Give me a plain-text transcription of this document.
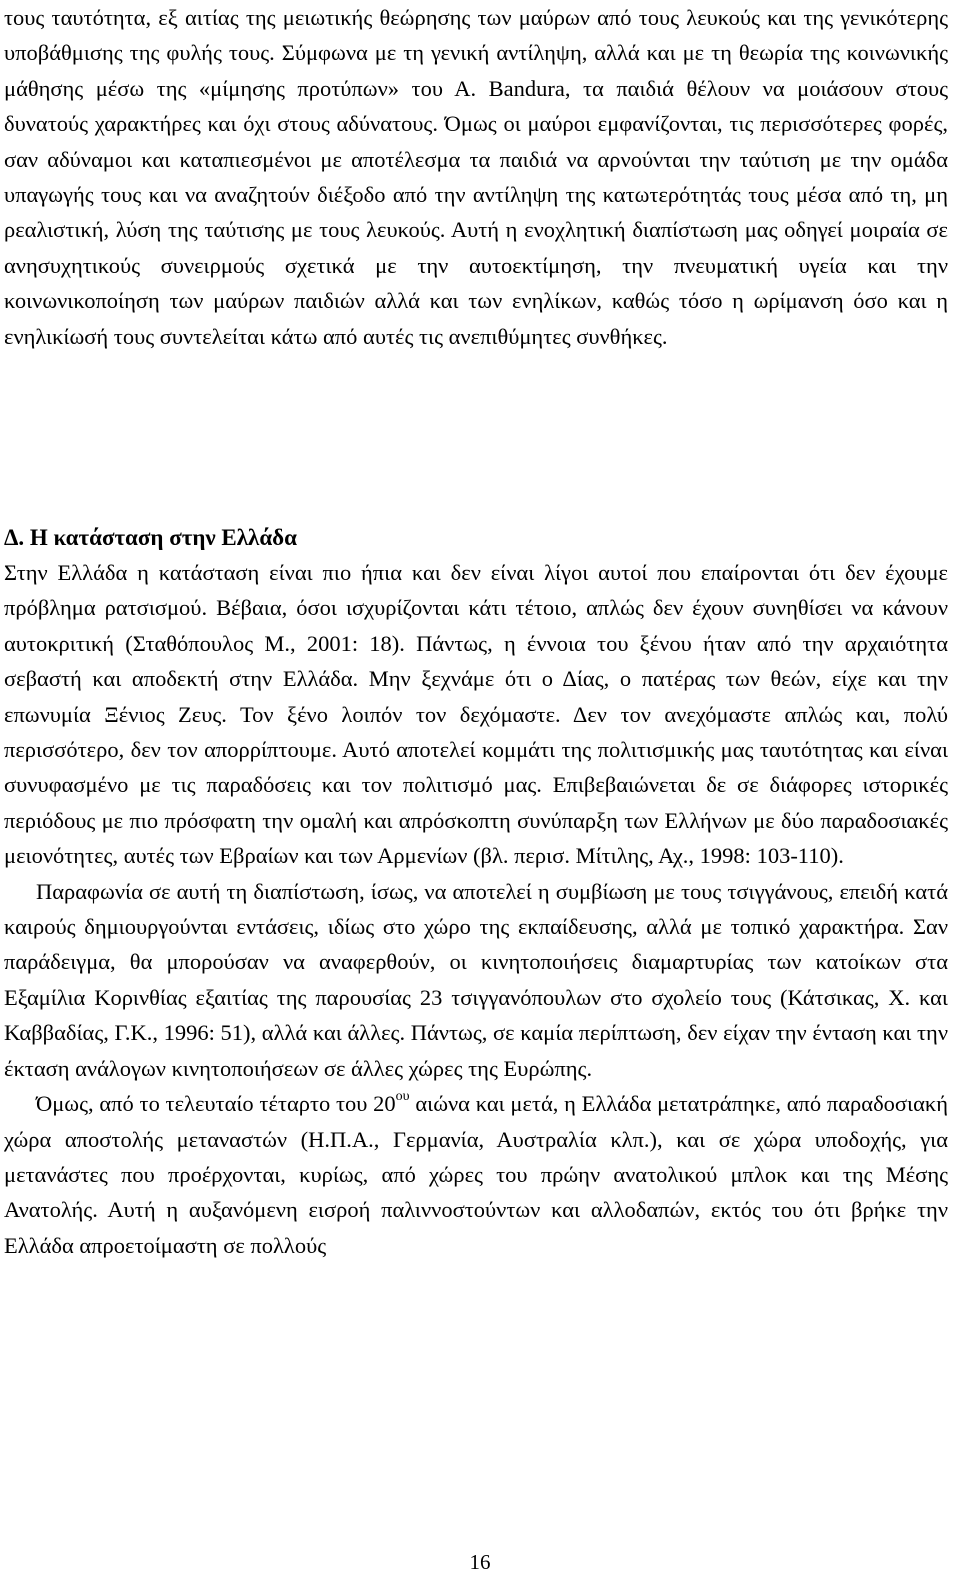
τους ταυτότητα, εξ αιτίας της μειωτικής θεώρησης των μαύρων από τους λευκούς και της γενικότερης υποβάθμισης της φυλής τους. Σύμφωνα με τη γενική αντίληψη, αλλά και με τη θεωρία της κοινωνικής μάθησης μέσω της «μίμησης προτύπων» του Α. Bandura, τα παιδιά θέλουν να μοιάσουν στους δυνατούς χαρακτήρες και όχι στους αδύνατους. Όμως οι μαύροι εμφανίζονται, τις περισσότερες φορές, σαν αδύναμοι και καταπιεσμένοι με αποτέλεσμα τα παιδιά να αρνούνται την ταύτιση με την ομάδα υπαγωγής τους και να αναζητούν διέξοδο από την αντίληψη της κατωτερότητάς τους μέσα από τη, μη ρεαλιστική, λύση της ταύτισης με τους λευκούς. Αυτή η ενοχλητική διαπίστωση μας οδηγεί μοιραία σε ανησυχητικούς συνειρμούς σχετικά με την αυτοεκτίμηση, την πνευματική υγεία και την κοινωνικοποίηση των μαύρων παιδιών αλλά και των ενηλίκων, καθώς τόσο η ωρίμανση όσο και η ενηλικίωσή τους συντελείται κάτω από αυτές τις ανεπιθύμητες συνθήκες.

Δ. Η κατάσταση στην Ελλάδα

Στην Ελλάδα η κατάσταση είναι πιο ήπια και δεν είναι λίγοι αυτοί που επαίρονται ότι δεν έχουμε πρόβλημα ρατσισμού. Βέβαια, όσοι ισχυρίζονται κάτι τέτοιο, απλώς δεν έχουν συνηθίσει να κάνουν αυτοκριτική (Σταθόπουλος Μ., 2001: 18). Πάντως, η έννοια του ξένου ήταν από την αρχαιότητα σεβαστή και αποδεκτή στην Ελλάδα. Μην ξεχνάμε ότι ο Δίας, ο πατέρας των θεών, είχε και την επωνυμία Ξένιος Ζευς. Τον ξένο λοιπόν τον δεχόμαστε. Δεν τον ανεχόμαστε απλώς και, πολύ περισσότερο, δεν τον απορρίπτουμε. Αυτό αποτελεί κομμάτι της πολιτισμικής μας ταυτότητας και είναι συνυφασμένο με τις παραδόσεις και τον πολιτισμό μας. Επιβεβαιώνεται δε σε διάφορες ιστορικές περιόδους με πιο πρόσφατη την ομαλή και απρόσκοπτη συνύπαρξη των Ελλήνων με δύο παραδοσιακές μειονότητες, αυτές των Εβραίων και των Αρμενίων (βλ. περισ. Μίτιλης, Αχ., 1998: 103-110).

Παραφωνία σε αυτή τη διαπίστωση, ίσως, να αποτελεί η συμβίωση με τους τσιγγάνους, επειδή κατά καιρούς δημιουργούνται εντάσεις, ιδίως στο χώρο της εκπαίδευσης, αλλά με τοπικό χαρακτήρα. Σαν παράδειγμα, θα μπορούσαν να αναφερθούν, οι κινητοποιήσεις διαμαρτυρίας των κατοίκων στα Εξαμίλια Κορινθίας εξαιτίας της παρουσίας 23 τσιγγανόπουλων στο σχολείο τους (Κάτσικας, Χ. και Καββαδίας, Γ.Κ., 1996: 51), αλλά και άλλες. Πάντως, σε καμία περίπτωση, δεν είχαν την ένταση και την έκταση ανάλογων κινητοποιήσεων σε άλλες χώρες της Ευρώπης.

Όμως, από το τελευταίο τέταρτο του $20^{o\upsilon}$ αιώνα και μετά, η Ελλάδα μετατράπηκε, από παραδοσιακή χώρα αποστολής μεταναστών (Η.Π.Α., Γερμανία, Αυστραλία κλπ.), και σε χώρα υποδοχής, για μετανάστες που προέρχονται, κυρίως, από χώρες του πρώην ανατολικού μπλοκ και της Μέσης Ανατολής. Αυτή η αυξανόμενη εισροή παλιννοστούντων και αλλοδαπών, εκτός του ότι βρήκε την Ελλάδα απροετοίμαστη σε πολλούς

16
